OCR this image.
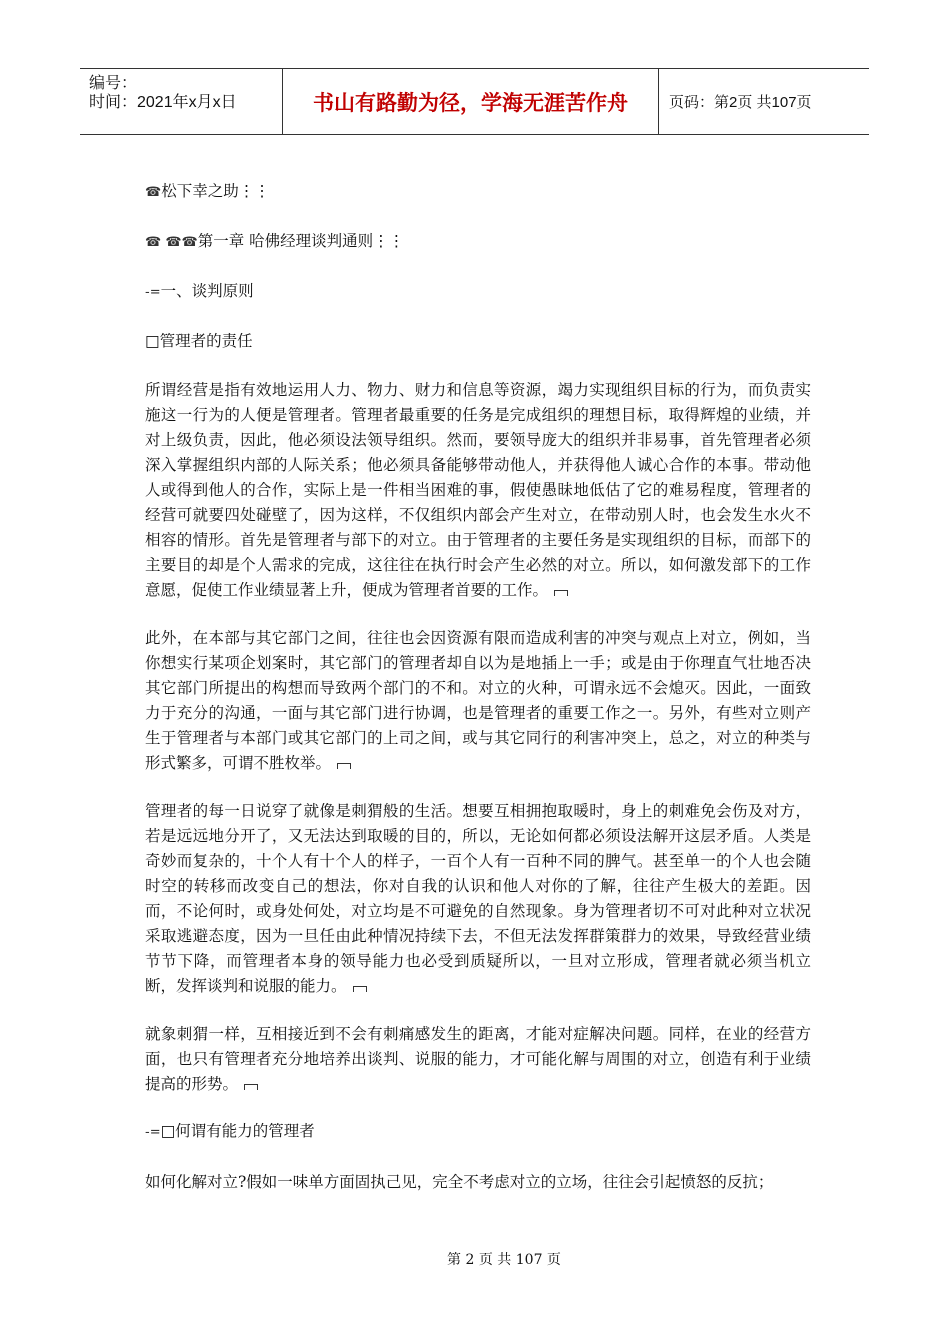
编号：
时间：2021年x月x日	书山有路勤为径，学海无涯苦作舟	页码：第2页 共107页
☎松下幸之助⋮⋮
☎ ☎☎第一章 哈佛经理谈判通则⋮⋮
-=一、谈判原则
□管理者的责任
所谓经营是指有效地运用人力、物力、财力和信息等资源，竭力实现组织目标的行为，而负责实施这一行为的人便是管理者。管理者最重要的任务是完成组织的理想目标，取得辉煌的业绩，并对上级负责，因此，他必须设法领导组织。然而，要领导庞大的组织并非易事，首先管理者必须深入掌握组织内部的人际关系；他必须具备能够带动他人，并获得他人诚心合作的本事。带动他人或得到他人的合作，实际上是一件相当困难的事，假使愚昧地低估了它的难易程度，管理者的经营可就要四处碰壁了，因为这样，不仅组织内部会产生对立，在带动别人时，也会发生水火不相容的情形。首先是管理者与部下的对立。由于管理者的主要任务是实现组织的目标，而部下的主要目的却是个人需求的完成，这往往在执行时会产生必然的对立。所以，如何激发部下的工作意愿，促使工作业绩显著上升，便成为管理者首要的工作。
此外，在本部与其它部门之间，往往也会因资源有限而造成利害的冲突与观点上对立，例如，当你想实行某项企划案时，其它部门的管理者却自以为是地插上一手；或是由于你理直气壮地否决其它部门所提出的构想而导致两个部门的不和。对立的火种，可谓永远不会熄灭。因此，一面致力于充分的沟通，一面与其它部门进行协调，也是管理者的重要工作之一。另外，有些对立则产生于管理者与本部门或其它部门的上司之间，或与其它同行的利害冲突上，总之，对立的种类与形式繁多，可谓不胜枚举。
管理者的每一日说穿了就像是刺猬般的生活。想要互相拥抱取暖时，身上的刺难免会伤及对方，若是远远地分开了，又无法达到取暖的目的，所以，无论如何都必须设法解开这层矛盾。人类是奇妙而复杂的，十个人有十个人的样子，一百个人有一百种不同的脾气。甚至单一的个人也会随时空的转移而改变自己的想法，你对自我的认识和他人对你的了解，往往产生极大的差距。因而，不论何时，或身处何处，对立均是不可避免的自然现象。身为管理者切不可对此种对立状况采取逃避态度，因为一旦任由此种情况持续下去，不但无法发挥群策群力的效果，导致经营业绩节节下降，而管理者本身的领导能力也必受到质疑所以，一旦对立形成，管理者就必须当机立断，发挥谈判和说服的能力。
就象刺猬一样，互相接近到不会有刺痛感发生的距离，才能对症解决问题。同样，在业的经营方面，也只有管理者充分地培养出谈判、说服的能力，才可能化解与周围的对立，创造有利于业绩提高的形势。
-=□何谓有能力的管理者
如何化解对立?假如一味单方面固执己见，完全不考虑对立的立场，往往会引起愤怒的反抗；
第 2 页 共 107 页
